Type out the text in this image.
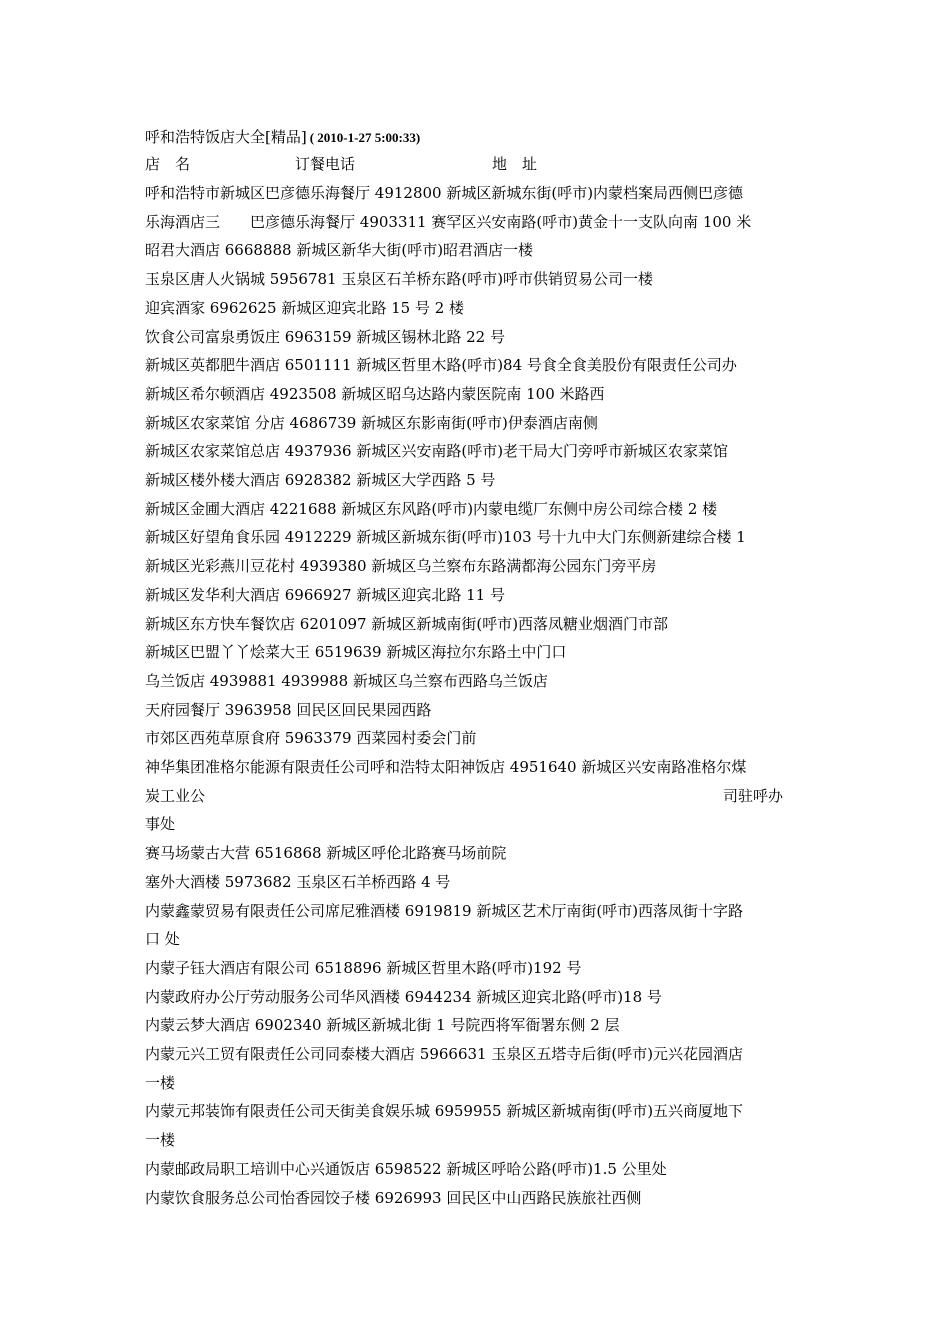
呼和浩特饭店大全[精品] ( 2010-1-27 5:00:33)
店　名	订餐电话	地　址
呼和浩特市新城区巴彦德乐海餐厅 4912800 新城区新城东街(呼市)内蒙档案局西侧巴彦德
乐海酒店三　　巴彦德乐海餐厅 4903311 赛罕区兴安南路(呼市)黄金十一支队向南 100 米
昭君大酒店 6668888 新城区新华大街(呼市)昭君酒店一楼
玉泉区唐人火锅城 5956781 玉泉区石羊桥东路(呼市)呼市供销贸易公司一楼
迎宾酒家 6962625 新城区迎宾北路 15 号 2 楼
饮食公司富泉勇饭庄 6963159 新城区锡林北路 22 号
新城区英都肥牛酒店 6501111 新城区哲里木路(呼市)84 号食全食美股份有限责任公司办
新城区希尔顿酒店 4923508 新城区昭乌达路内蒙医院南 100 米路西
新城区农家菜馆 分店 4686739 新城区东影南街(呼市)伊泰酒店南侧
新城区农家菜馆总店 4937936 新城区兴安南路(呼市)老干局大门旁呼市新城区农家菜馆
新城区楼外楼大酒店 6928382 新城区大学西路 5 号
新城区金圃大酒店 4221688 新城区东风路(呼市)内蒙电缆厂东侧中房公司综合楼 2 楼
新城区好望角食乐园 4912229 新城区新城东街(呼市)103 号十九中大门东侧新建综合楼 1
新城区光彩燕川豆花村 4939380 新城区乌兰察布东路满都海公园东门旁平房
新城区发华利大酒店 6966927 新城区迎宾北路 11 号
新城区东方快车餐饮店 6201097 新城区新城南街(呼市)西落凤糖业烟酒门市部
新城区巴盟丫丫烩菜大王 6519639 新城区海拉尔东路土中门口
乌兰饭店 4939881 4939988 新城区乌兰察布西路乌兰饭店
天府园餐厅 3963958 回民区回民果园西路
市郊区西苑草原食府 5963379 西菜园村委会门前
神华集团准格尔能源有限责任公司呼和浩特太阳神饭店 4951640 新城区兴安南路准格尔煤
炭工业公	司驻呼办
事处
赛马场蒙古大营 6516868 新城区呼伦北路赛马场前院
塞外大酒楼 5973682 玉泉区石羊桥西路 4 号
内蒙鑫蒙贸易有限责任公司席尼雅酒楼 6919819 新城区艺术厅南街(呼市)西落凤街十字路
口 处
内蒙子钰大酒店有限公司 6518896 新城区哲里木路(呼市)192 号
内蒙政府办公厅劳动服务公司华风酒楼 6944234 新城区迎宾北路(呼市)18 号
内蒙云梦大酒店 6902340 新城区新城北街 1 号院西将军衙署东侧 2 层
内蒙元兴工贸有限责任公司同泰楼大酒店 5966631 玉泉区五塔寺后街(呼市)元兴花园酒店
一楼
内蒙元邦装饰有限责任公司天街美食娱乐城 6959955 新城区新城南街(呼市)五兴商厦地下
一楼
内蒙邮政局职工培训中心兴通饭店 6598522 新城区呼哈公路(呼市)1.5 公里处
内蒙饮食服务总公司怡香园饺子楼 6926993 回民区中山西路民族旅社西侧
